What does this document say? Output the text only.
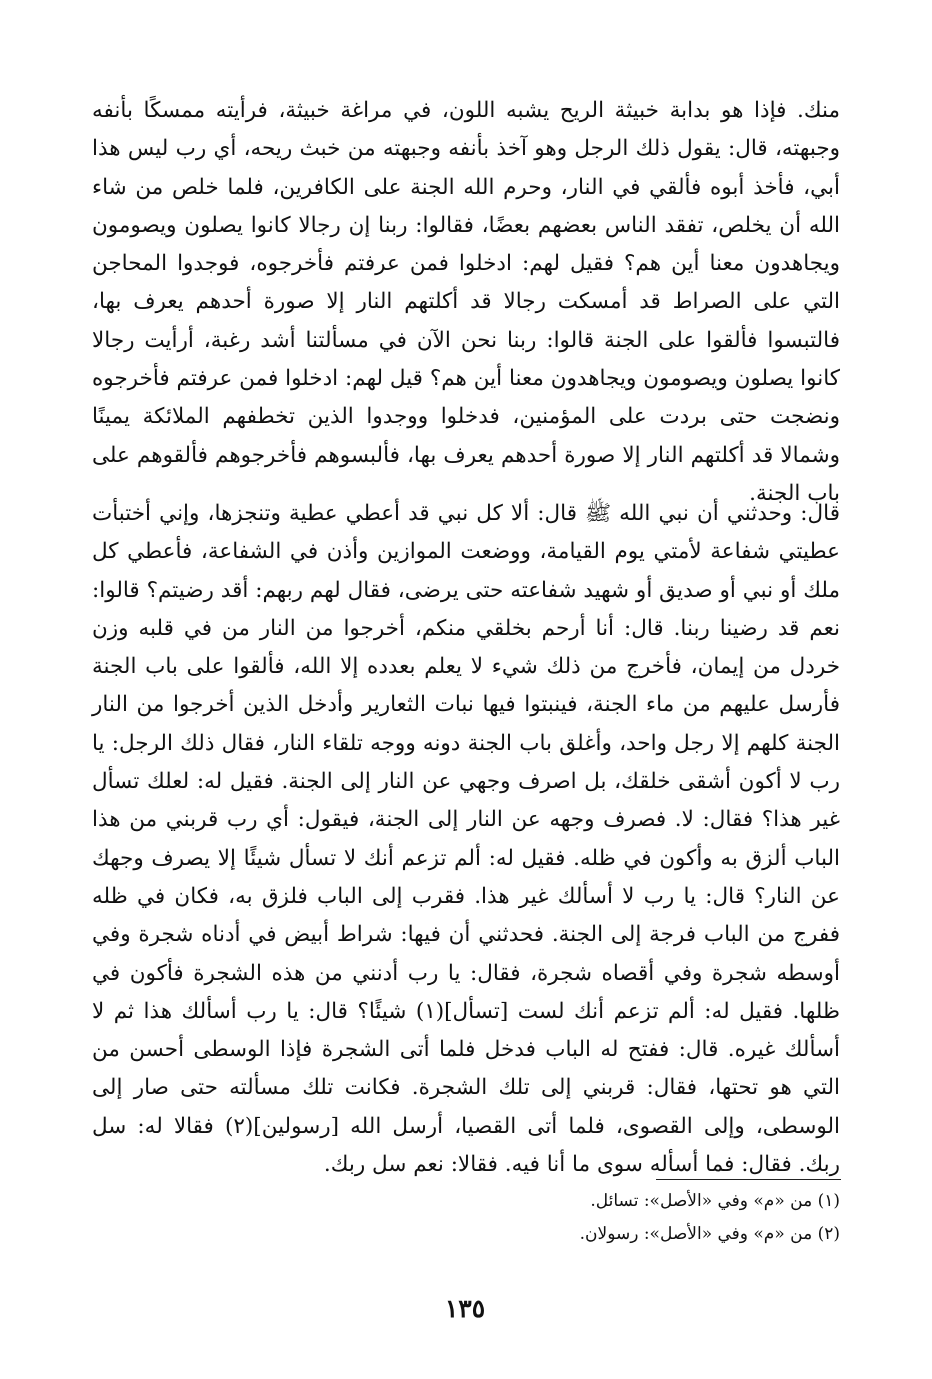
منك. فإذا هو بدابة خبيثة الريح يشبه اللون، في مراغة خبيثة، فرأيته ممسكًا بأنفه وجبهته، قال: يقول ذلك الرجل وهو آخذ بأنفه وجبهته من خبث ريحه، أي رب ليس هذا أبي، فأخذ أبوه فألقي في النار، وحرم الله الجنة على الكافرين، فلما خلص من شاء الله أن يخلص، تفقد الناس بعضهم بعضًا، فقالوا: ربنا إن رجالا كانوا يصلون ويصومون ويجاهدون معنا أين هم؟ فقيل لهم: ادخلوا فمن عرفتم فأخرجوه، فوجدوا المحاجن التي على الصراط قد أمسكت رجالا قد أكلتهم النار إلا صورة أحدهم يعرف بها، فالتبسوا فألقوا على الجنة قالوا: ربنا نحن الآن في مسألتنا أشد رغبة، أرأيت رجالا كانوا يصلون ويصومون ويجاهدون معنا أين هم؟ قيل لهم: ادخلوا فمن عرفتم فأخرجوه ونضجت حتى بردت على المؤمنين، فدخلوا ووجدوا الذين تخطفهم الملائكة يمينًا وشمالا قد أكلتهم النار إلا صورة أحدهم يعرف بها، فألبسوهم فأخرجوهم فألقوهم على باب الجنة.

قال: وحدثني أن نبي الله ﷺ قال: ألا كل نبي قد أعطي عطية وتنجزها، وإني أختبأت عطيتي شفاعة لأمتي يوم القيامة، ووضعت الموازين وأذن في الشفاعة، فأعطي كل ملك أو نبي أو صديق أو شهيد شفاعته حتى يرضى، فقال لهم ربهم: أقد رضيتم؟ قالوا: نعم قد رضينا ربنا. قال: أنا أرحم بخلقي منكم، أخرجوا من النار من في قلبه وزن خردل من إيمان، فأخرج من ذلك شيء لا يعلم بعدده إلا الله، فألقوا على باب الجنة فأرسل عليهم من ماء الجنة، فينبتوا فيها نبات الثعارير وأدخل الذين أخرجوا من النار الجنة كلهم إلا رجل واحد، وأغلق باب الجنة دونه ووجه تلقاء النار، فقال ذلك الرجل: يا رب لا أكون أشقى خلقك، بل اصرف وجهي عن النار إلى الجنة. فقيل له: لعلك تسأل غير هذا؟ فقال: لا. فصرف وجهه عن النار إلى الجنة، فيقول: أي رب قربني من هذا الباب ألزق به وأكون في ظله. فقيل له: ألم تزعم أنك لا تسأل شيئًا إلا يصرف وجهك عن النار؟ قال: يا رب لا أسألك غير هذا. فقرب إلى الباب فلزق به، فكان في ظله ففرج من الباب فرجة إلى الجنة. فحدثني أن فيها: شراط أبيض في أدناه شجرة وفي أوسطه شجرة وفي أقصاه شجرة، فقال: يا رب أدنني من هذه الشجرة فأكون في ظلها. فقيل له: ألم تزعم أنك لست [تسأل](١) شيئًا؟ قال: يا رب أسألك هذا ثم لا أسألك غيره. قال: ففتح له الباب فدخل فلما أتى الشجرة فإذا الوسطى أحسن من التي هو تحتها، فقال: قربني إلى تلك الشجرة. فكانت تلك مسألته حتى صار إلى الوسطى، وإلى القصوى، فلما أتى القصيا، أرسل الله [رسولين](٢) فقالا له: سل ربك. فقال: فما أسأله سوى ما أنا فيه. فقالا: نعم سل ربك.

(١) من «م» وفي «الأصل»: تسائل.
(٢) من «م» وفي «الأصل»: رسولان.
١٣٥
